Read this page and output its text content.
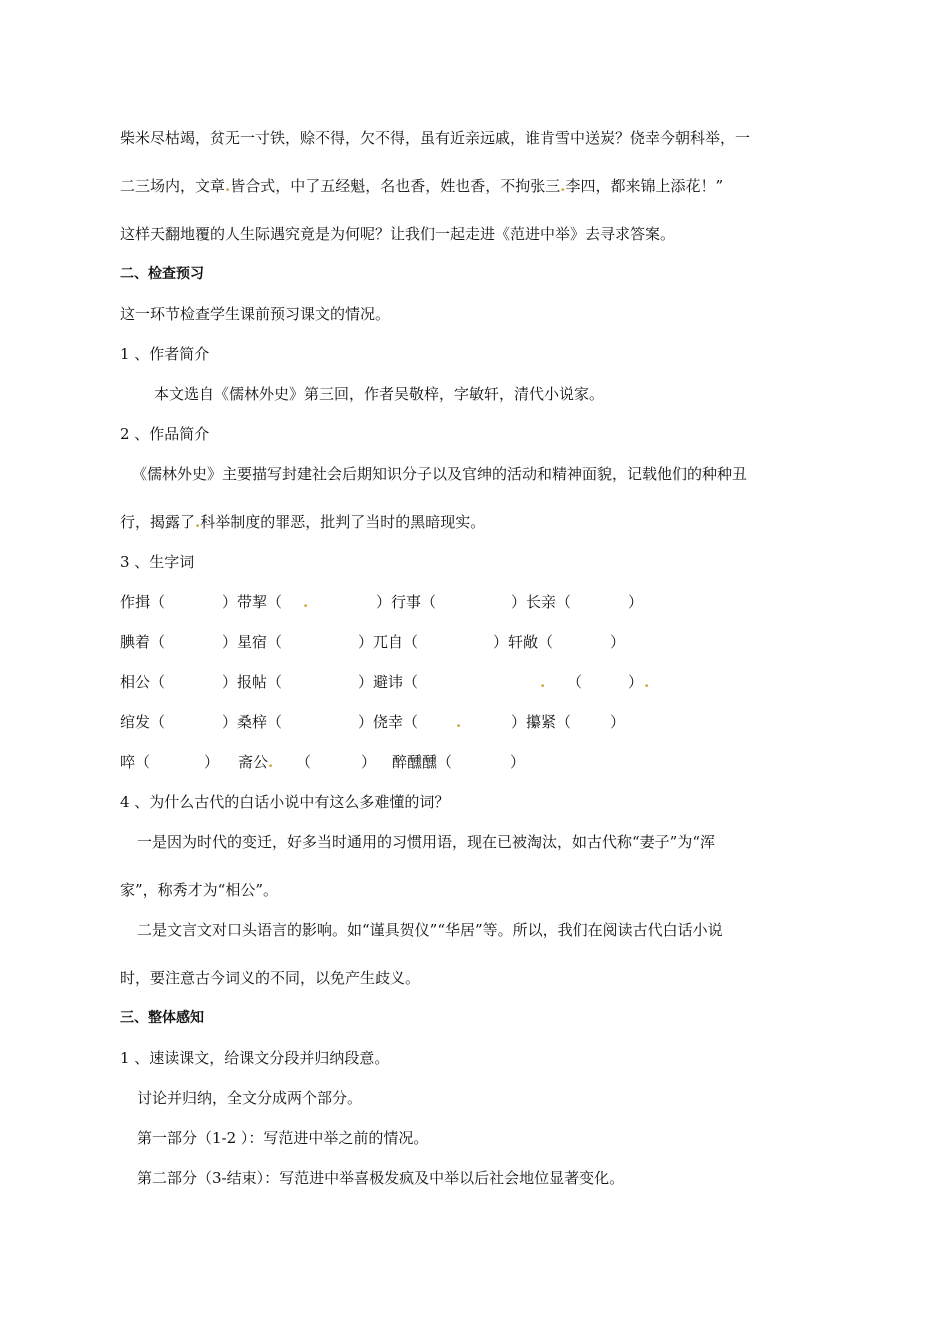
柴米尽枯竭，贫无一寸铁，赊不得，欠不得，虽有近亲远戚，谁肯雪中送炭？侥幸今朝科举，一

二三场内，文章.皆合式，中了五经魁，名也香，姓也香，不拘张三.李四，都来锦上添花！”

这样天翻地覆的人生际遇究竟是为何呢？让我们一起走进《范进中举》去寻求答案。

二、检查预习

这一环节检查学生课前预习课文的情况。

1 、作者简介

本文选自《儒林外史》第三回，作者吴敬梓，字敏轩，清代小说家。

2 、作品简介

《儒林外史》主要描写封建社会后期知识分子以及官绅的活动和精神面貌，记载他们的种种丑

行，揭露了.科举制度的罪恶，批判了当时的黑暗现实。

3 、生字词

作揖（	）带挈（ .	）行事（	）长亲（	）
腆着（	）星宿（	）兀自（	）轩敞（	）
相公（	）报帖（	）避讳（	. （	） .
绾发（	）桑梓（	）侥幸（	.	）攥紧（	）
啐（	） 斋公 . （	） 醉醺醺（	）

4 、为什么古代的白话小说中有这么多难懂的词？

一是因为时代的变迁，好多当时通用的习惯用语，现在已被淘汰，如古代称“妻子”为“浑

家”，称秀才为“相公”。

二是文言文对口头语言的影响。如“谨具贺仪”“华居”等。所以，我们在阅读古代白话小说

时，要注意古今词义的不同，以免产生歧义。

三、整体感知

1 、速读课文，给课文分段并归纳段意。

讨论并归纳，全文分成两个部分。

第一部分（1-2 ）：写范进中举之前的情况。

第二部分（3-结束）：写范进中举喜极发疯及中举以后社会地位显著变化。
